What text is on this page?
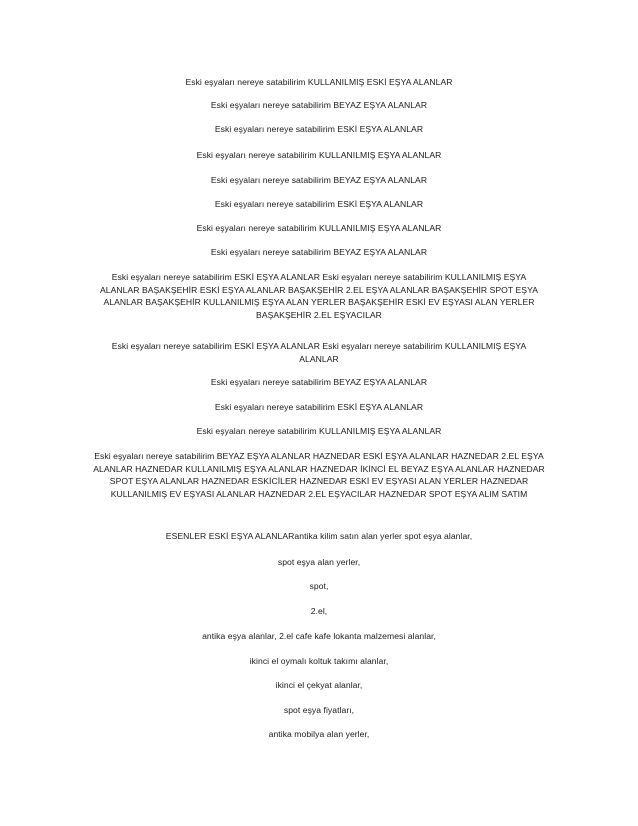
Eski eşyaları nereye satabilirim KULLANILMIŞ ESKİ EŞYA ALANLAR

Eski eşyaları nereye satabilirim BEYAZ EŞYA ALANLAR

Eski eşyaları nereye satabilirim ESKİ EŞYA ALANLAR

Eski eşyaları nereye satabilirim KULLANILMIŞ EŞYA ALANLAR

Eski eşyaları nereye satabilirim BEYAZ EŞYA ALANLAR

Eski eşyaları nereye satabilirim ESKİ EŞYA ALANLAR

Eski eşyaları nereye satabilirim KULLANILMIŞ EŞYA ALANLAR

Eski eşyaları nereye satabilirim BEYAZ EŞYA ALANLAR

Eski eşyaları nereye satabilirim ESKİ EŞYA ALANLAR Eski eşyaları nereye satabilirim KULLANILMIŞ EŞYA ALANLAR BAŞAKŞEHİR ESKİ EŞYA ALANLAR BAŞAKŞEHİR 2.EL EŞYA ALANLAR BAŞAKŞEHİR SPOT EŞYA ALANLAR BAŞAKŞEHİR KULLANILMIŞ EŞYA ALAN YERLER BAŞAKŞEHİR ESKİ EV EŞYASI ALAN YERLER BAŞAKŞEHİR 2.EL EŞYACILAR

Eski eşyaları nereye satabilirim ESKİ EŞYA ALANLAR Eski eşyaları nereye satabilirim KULLANILMIŞ EŞYA ALANLAR

Eski eşyaları nereye satabilirim BEYAZ EŞYA ALANLAR

Eski eşyaları nereye satabilirim ESKİ EŞYA ALANLAR

Eski eşyaları nereye satabilirim KULLANILMIŞ EŞYA ALANLAR

Eski eşyaları nereye satabilirim BEYAZ EŞYA ALANLAR HAZNEDAR ESKİ EŞYA ALANLAR HAZNEDAR 2.EL EŞYA ALANLAR HAZNEDAR KULLANILMIŞ EŞYA ALANLAR HAZNEDAR İKİNCİ EL BEYAZ EŞYA ALANLAR HAZNEDAR SPOT EŞYA ALANLAR HAZNEDAR ESKİCİLER HAZNEDAR ESKİ EV EŞYASI ALAN YERLER HAZNEDAR KULLANILMIŞ EV EŞYASI ALANLAR HAZNEDAR 2.EL EŞYACILAR HAZNEDAR SPOT EŞYA ALIM SATIM

ESENLER ESKİ EŞYA ALANLARantika kilim satın alan yerler spot eşya alanlar,

spot eşya alan yerler,

spot,

2.el,

antika eşya alanlar, 2.el cafe kafe lokanta malzemesi alanlar,

ikinci el oymalı koltuk takımı alanlar,

ikinci el çekyat alanlar,

spot eşya fiyatları,

antika mobilya alan yerler,
